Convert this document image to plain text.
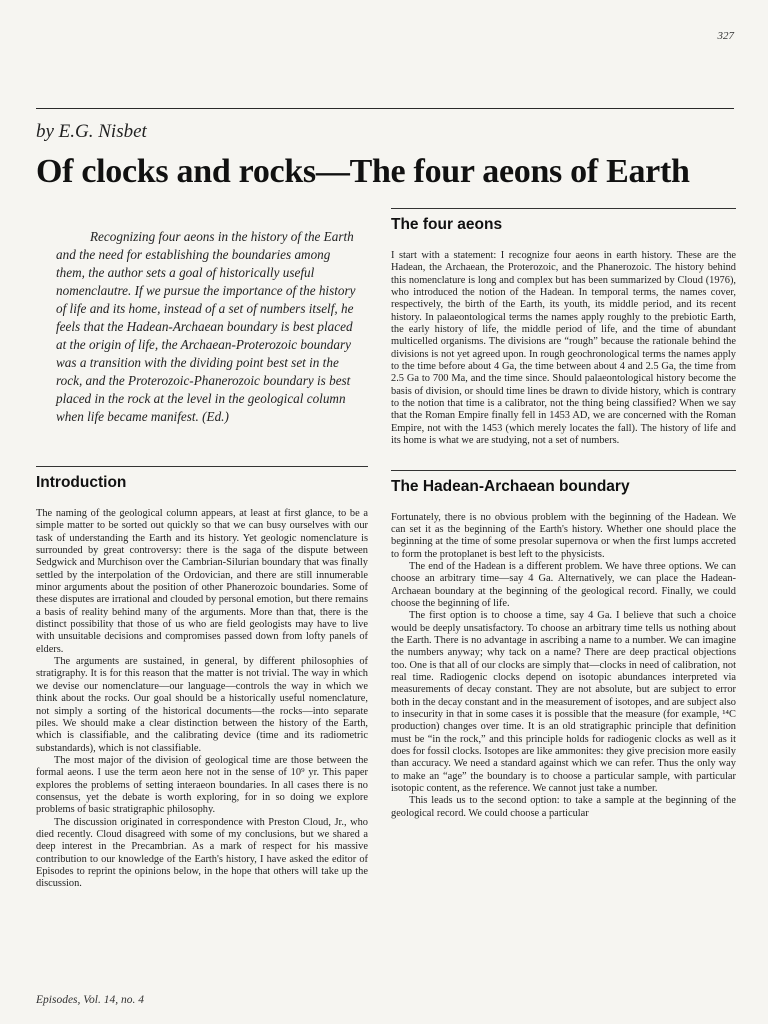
327
by E.G. Nisbet
Of clocks and rocks—The four aeons of Earth

Recognizing four aeons in the history of the Earth and the need for establishing the boundaries among them, the author sets a goal of historically useful nomenclautre. If we pursue the importance of the history of life and its home, instead of a set of numbers itself, he feels that the Hadean-Archaean boundary is best placed at the origin of life, the Archaean-Proterozoic boundary was a transition with the dividing point best set in the rock, and the Proterozoic-Phanerozoic boundary is best placed in the rock at the level in the geological column when life became manifest. (Ed.)

Introduction

The naming of the geological column appears, at least at first glance, to be a simple matter to be sorted out quickly so that we can busy ourselves with our task of understanding the Earth and its history. Yet geologic nomenclature is surrounded by great controversy: there is the saga of the dispute between Sedgwick and Murchison over the Cambrian-Silurian boundary that was finally settled by the interpolation of the Ordovician, and there are still innumerable minor arguments about the position of other Phanerozoic boundaries. Some of these disputes are irrational and clouded by personal emotion, but there remains a basis of reality behind many of the arguments. More than that, there is the distinct possibility that those of us who are field geologists may have to live with unsuitable decisions and compromises passed down from lofty panels of elders.

The arguments are sustained, in general, by different philosophies of stratigraphy. It is for this reason that the matter is not trivial. The way in which we devise our nomenclature—our language—controls the way in which we think about the rocks. Our goal should be a historically useful nomenclature, not simply a sorting of the historical documents—the rocks—into separate piles. We should make a clear distinction between the history of the Earth, which is classifiable, and the calibrating device (time and its radiometric substandards), which is not classifiable.

The most major of the division of geological time are those between the formal aeons. I use the term aeon here not in the sense of 10⁹ yr. This paper explores the problems of setting interaeon boundaries. In all cases there is no consensus, yet the debate is worth exploring, for in so doing we explore problems of basic stratigraphic philosophy.

The discussion originated in correspondence with Preston Cloud, Jr., who died recently. Cloud disagreed with some of my conclusions, but we shared a deep interest in the Precambrian. As a mark of respect for his massive contribution to our knowledge of the Earth's history, I have asked the editor of Episodes to reprint the opinions below, in the hope that others will take up the discussion.

The four aeons

I start with a statement: I recognize four aeons in earth history. These are the Hadean, the Archaean, the Proterozoic, and the Phanerozoic. The history behind this nomenclature is long and complex but has been summarized by Cloud (1976), who introduced the notion of the Hadean. In temporal terms, the names cover, respectively, the birth of the Earth, its youth, its middle period, and its recent history. In palaeontological terms the names apply roughly to the prebiotic Earth, the early history of life, the middle period of life, and the time of abundant multicelled organisms. The divisions are “rough” because the rationale behind the divisions is not yet agreed upon. In rough geochronological terms the names apply to the time before about 4 Ga, the time between about 4 and 2.5 Ga, the time from 2.5 Ga to 700 Ma, and the time since. Should palaeontological history become the basis of division, or should time lines be drawn to divide history, which is contrary to the notion that time is a calibrator, not the thing being classified? When we say that the Roman Empire finally fell in 1453 AD, we are concerned with the Roman Empire, not with the 1453 (which merely locates the fall). The history of life and its home is what we are studying, not a set of numbers.

The Hadean-Archaean boundary

Fortunately, there is no obvious problem with the beginning of the Hadean. We can set it as the beginning of the Earth's history. Whether one should place the beginning at the time of some presolar supernova or when the first lumps accreted to form the protoplanet is best left to the physicists.

The end of the Hadean is a different problem. We have three options. We can choose an arbitrary time—say 4 Ga. Alternatively, we can place the Hadean-Archaean boundary at the beginning of the geological record. Finally, we could choose the beginning of life.

The first option is to choose a time, say 4 Ga. I believe that such a choice would be deeply unsatisfactory. To choose an arbitrary time tells us nothing about the Earth. There is no advantage in ascribing a name to a number. We can imagine the numbers anyway; why tack on a name? There are deep practical objections too. One is that all of our clocks are simply that—clocks in need of calibration, not real time. Radiogenic clocks depend on isotopic abundances interpreted via measurements of decay constant. They are not absolute, but are subject to error both in the decay constant and in the measurement of isotopes, and are subject also to insecurity in that in some cases it is possible that the measure (for example, ¹⁴C production) changes over time. It is an old stratigraphic principle that definition must be “in the rock,” and this principle holds for radiogenic clocks as well as it does for fossil clocks. Isotopes are like ammonites: they give precision more easily than accuracy. We need a standard against which we can refer. Thus the only way to make an “age” the boundary is to choose a particular sample, with particular isotopic content, as the reference. We cannot just take a number.

This leads us to the second option: to take a sample at the beginning of the geological record. We could choose a particular

Episodes, Vol. 14, no. 4
